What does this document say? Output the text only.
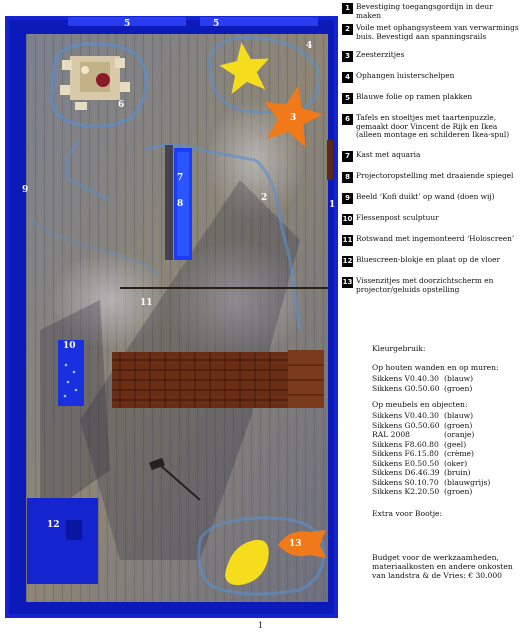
1
2
3
4
5	5
6
7
8
9
10
11
12
13
1 Bevestiging toegangsgordijn in deur maken
2 Voile met ophangsysteem van verwarmings buis. Bevestigd aan spanningsrails
3 Zeesterzitjes
4 Ophangen luisterschelpen
5 Blauwe folie op ramen plakken
6 Tafels en stoeltjes met taartenpuzzle, gemaakt door Vincent de Rijk en Ikea (alleen montage en schilderen Ikea-spul)
7 Kast met aquaria
8 Projectoropstelling met draaiende spiegel
9 Beeld ‘Kofi duikt’ op wand (doen wij)
10 Flessenpost sculptuur
11 Rotswand met ingemonteerd ‘Holoscreen’
12 Bluescreen-blokje en plaat op de vloer
13 Vissenzitjes met doorzichtscherm en projector/geluids opstelling
Kleurgebruik:
Op houten wanden en op muren:
Sikkens V0.40.30 (blauw)
Sikkens G0.50.60 (groen)
Op meubels en objecten:
Sikkens V0.40.30 (blauw)
Sikkens G0.50.60 (groen)
RAL 2008	(oranje)
Sikkens F8.60.80 (geel)
Sikkens F6.15.80 (crème)
Sikkens E0.50.50 (oker)
Sikkens D6.46.39 (bruin)
Sikkens S0.10.70 (blauwgrijs)
Sikkens K2.20.50 (groen)
Extra voor Bootje:
Budget voor de werkzaamheden, materiaalkosten en andere onkosten van landstra & de Vries: € 30.000
1
